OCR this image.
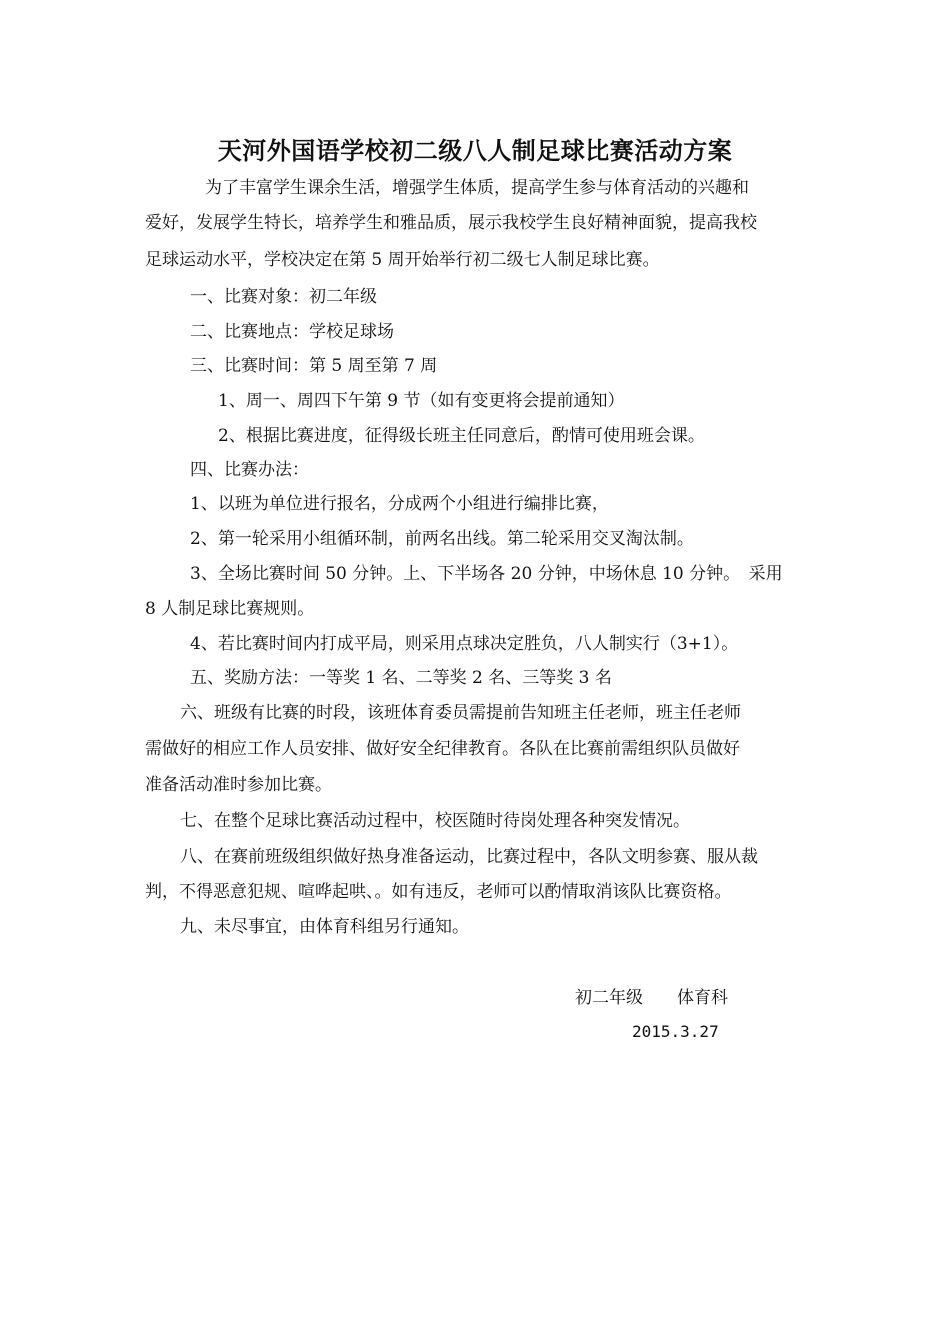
天河外国语学校初二级八人制足球比赛活动方案
为了丰富学生课余生活，增强学生体质，提高学生参与体育活动的兴趣和
爱好，发展学生特长，培养学生和雅品质，展示我校学生良好精神面貌，提高我校
足球运动水平，学校决定在第 5 周开始举行初二级七人制足球比赛。
一、比赛对象：初二年级
二、比赛地点：学校足球场
三、比赛时间：第 5 周至第 7 周
1、周一、周四下午第 9 节（如有变更将会提前通知）
2、根据比赛进度，征得级长班主任同意后，酌情可使用班会课。
四、比赛办法：
1、以班为单位进行报名，分成两个小组进行编排比赛，
2、第一轮采用小组循环制，前两名出线。第二轮采用交叉淘汰制。
3、全场比赛时间 50 分钟。上、下半场各 20 分钟，中场休息 10 分钟。　采用
8 人制足球比赛规则。
4、若比赛时间内打成平局，则采用点球决定胜负，八人制实行（3+1）。
五、奖励方法：一等奖 1 名、二等奖 2 名、三等奖 3 名
六、班级有比赛的时段，该班体育委员需提前告知班主任老师，班主任老师
需做好的相应工作人员安排、做好安全纪律教育。各队在比赛前需组织队员做好
准备活动准时参加比赛。
七、在整个足球比赛活动过程中，校医随时待岗处理各种突发情况。
八、在赛前班级组织做好热身准备运动，比赛过程中，各队文明参赛、服从裁
判，不得恶意犯规、喧哗起哄、。如有违反，老师可以酌情取消该队比赛资格。
九、未尽事宜，由体育科组另行通知。
初二年级　　体育科
2015.3.27
